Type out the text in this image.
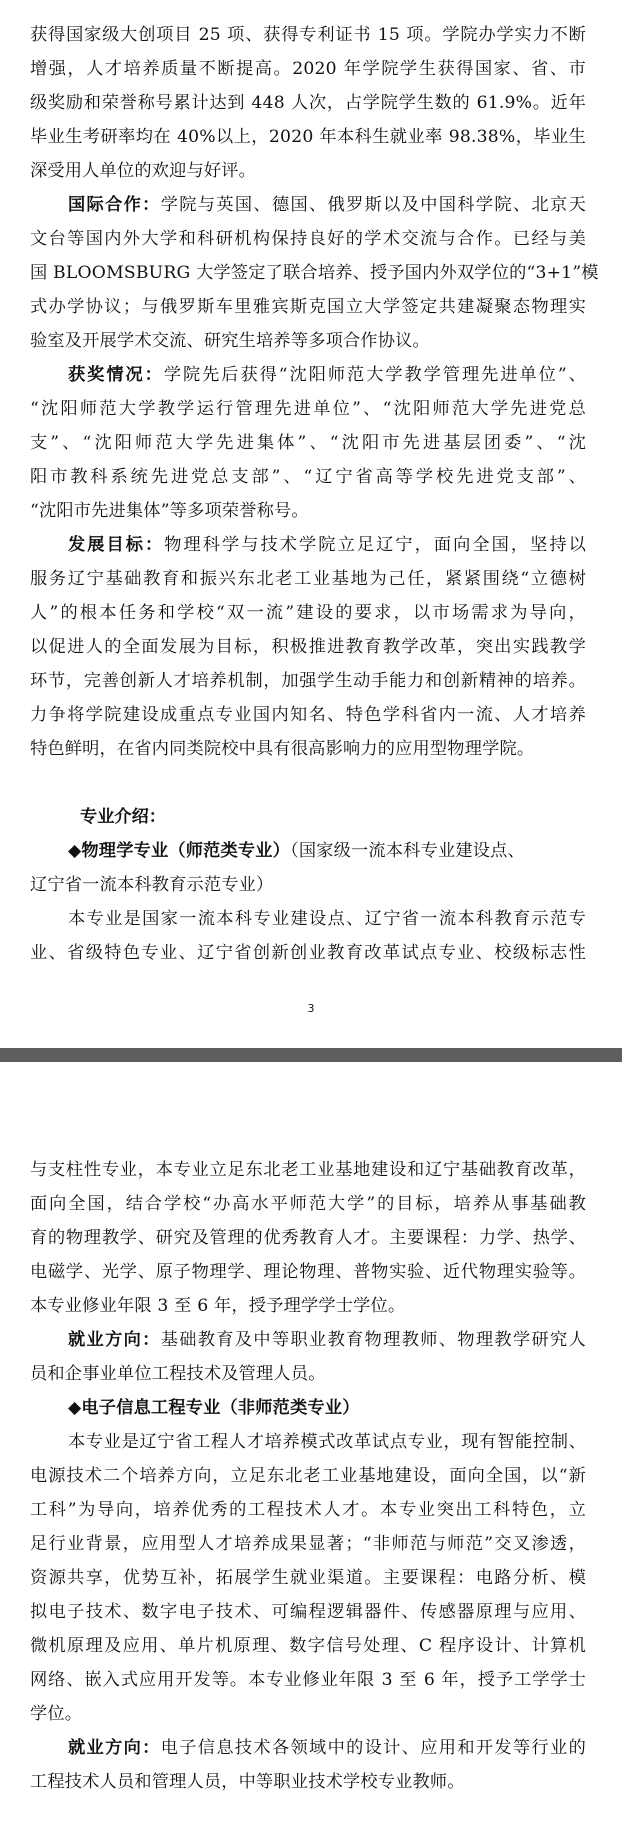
获得国家级大创项目 25 项、获得专利证书 15 项。学院办学实力不断
增强，人才培养质量不断提高。2020 年学院学生获得国家、省、市
级奖励和荣誉称号累计达到 448 人次，占学院学生数的 61.9%。近年
毕业生考研率均在 40%以上，2020 年本科生就业率 98.38%，毕业生
深受用人单位的欢迎与好评。
国际合作：学院与英国、德国、俄罗斯以及中国科学院、北京天
文台等国内外大学和科研机构保持良好的学术交流与合作。已经与美
国 BLOOMSBURG 大学签定了联合培养、授予国内外双学位的“3+1”模
式办学协议；与俄罗斯车里雅宾斯克国立大学签定共建凝聚态物理实
验室及开展学术交流、研究生培养等多项合作协议。
获奖情况：学院先后获得“沈阳师范大学教学管理先进单位”、
“沈阳师范大学教学运行管理先进单位”、“沈阳师范大学先进党总
支”、“沈阳师范大学先进集体”、“沈阳市先进基层团委”、“沈
阳市教科系统先进党总支部”、“辽宁省高等学校先进党支部”、
“沈阳市先进集体”等多项荣誉称号。
发展目标：物理科学与技术学院立足辽宁，面向全国，坚持以
服务辽宁基础教育和振兴东北老工业基地为己任，紧紧围绕“立德树
人”的根本任务和学校“双一流”建设的要求，以市场需求为导向，
以促进人的全面发展为目标，积极推进教育教学改革，突出实践教学
环节，完善创新人才培养机制，加强学生动手能力和创新精神的培养。
力争将学院建设成重点专业国内知名、特色学科省内一流、人才培养
特色鲜明，在省内同类院校中具有很高影响力的应用型物理学院。
专业介绍：
◆物理学专业（师范类专业）（国家级一流本科专业建设点、
辽宁省一流本科教育示范专业）
本专业是国家一流本科专业建设点、辽宁省一流本科教育示范专
业、省级特色专业、辽宁省创新创业教育改革试点专业、校级标志性
3
与支柱性专业，本专业立足东北老工业基地建设和辽宁基础教育改革，
面向全国，结合学校“办高水平师范大学”的目标，培养从事基础教
育的物理教学、研究及管理的优秀教育人才。主要课程：力学、热学、
电磁学、光学、原子物理学、理论物理、普物实验、近代物理实验等。
本专业修业年限 3 至 6 年，授予理学学士学位。
就业方向：基础教育及中等职业教育物理教师、物理教学研究人
员和企事业单位工程技术及管理人员。
◆电子信息工程专业（非师范类专业）
本专业是辽宁省工程人才培养模式改革试点专业，现有智能控制、
电源技术二个培养方向，立足东北老工业基地建设，面向全国，以“新
工科”为导向，培养优秀的工程技术人才。本专业突出工科特色，立
足行业背景，应用型人才培养成果显著；“非师范与师范”交叉渗透，
资源共享，优势互补，拓展学生就业渠道。主要课程：电路分析、模
拟电子技术、数字电子技术、可编程逻辑器件、传感器原理与应用、
微机原理及应用、单片机原理、数字信号处理、C 程序设计、计算机
网络、嵌入式应用开发等。本专业修业年限 3 至 6 年，授予工学学士
学位。
就业方向：电子信息技术各领域中的设计、应用和开发等行业的
工程技术人员和管理人员，中等职业技术学校专业教师。
